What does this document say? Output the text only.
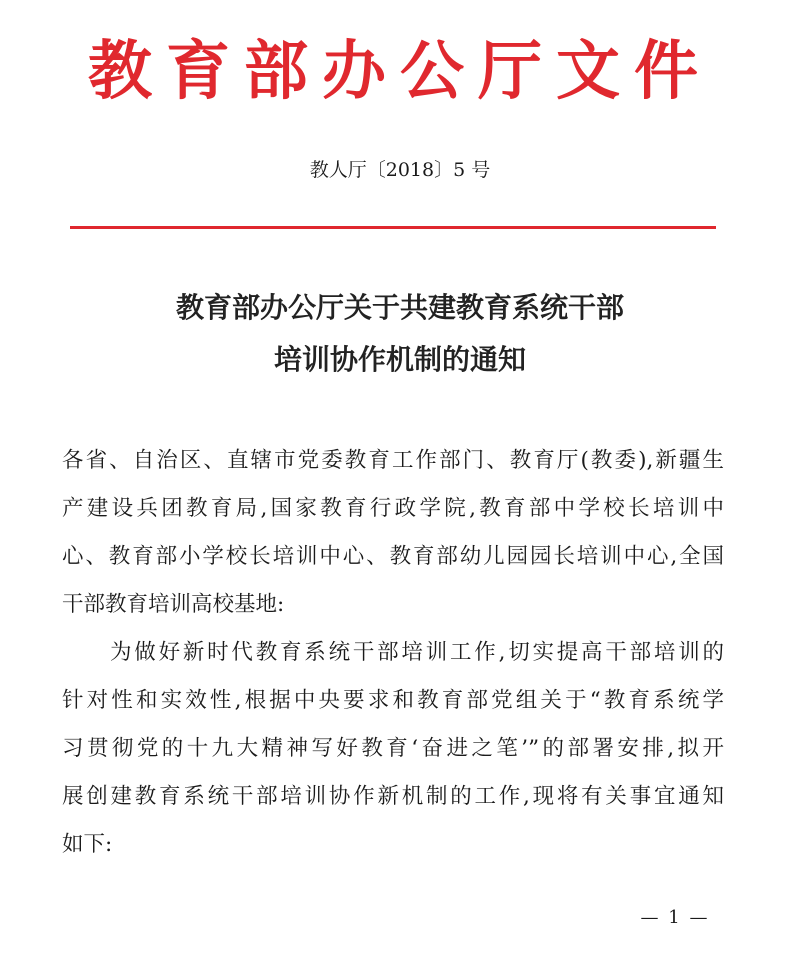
教育部办公厅文件
教人厅〔2018〕5 号
教育部办公厅关于共建教育系统干部
培训协作机制的通知
各省、自治区、直辖市党委教育工作部门、教育厅(教委),新疆生
产建设兵团教育局,国家教育行政学院,教育部中学校长培训中
心、教育部小学校长培训中心、教育部幼儿园园长培训中心,全国
干部教育培训高校基地:
为做好新时代教育系统干部培训工作,切实提高干部培训的
针对性和实效性,根据中央要求和教育部党组关于“教育系统学
习贯彻党的十九大精神写好教育‘奋进之笔’”的部署安排,拟开
展创建教育系统干部培训协作新机制的工作,现将有关事宜通知
如下:
— 1 —
